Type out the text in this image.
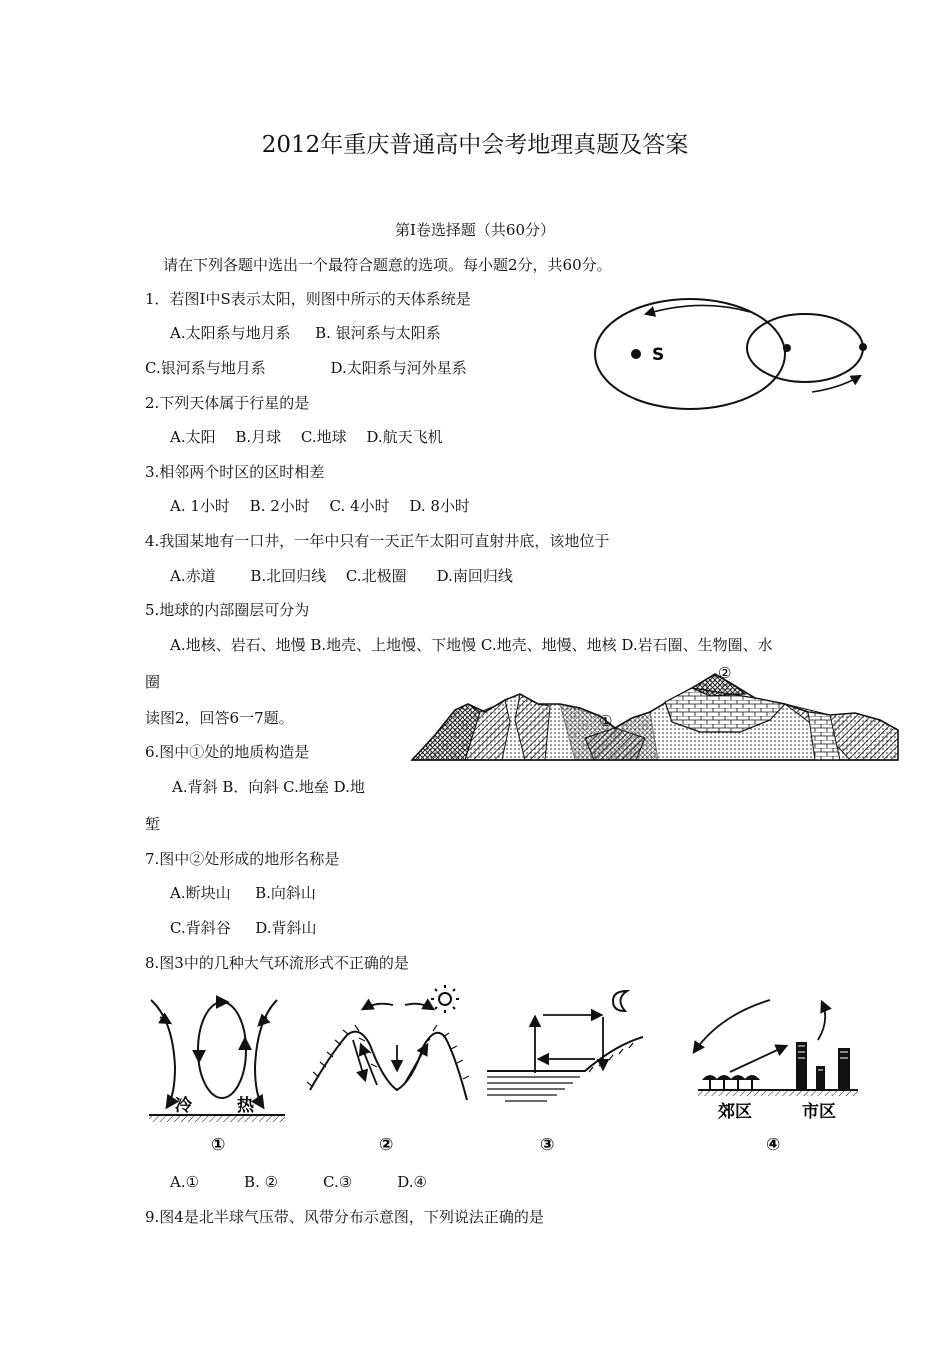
2012年重庆普通高中会考地理真题及答案
第Ⅰ卷选择题（共60分）
请在下列各题中选出一个最符合题意的选项。每小题2分，共60分。
1．若图Ⅰ中S表示太阳，则图中所示的天体系统是
A.太阳系与地月系 　 B. 银河系与太阳系
C.银河系与地月系 　　　　D.太阳系与河外星系
S
2.下列天体属于行星的是
A.太阳　 B.月球　 C.地球　 D.航天飞机
3.相邻两个时区的区时相差
A. 1小时　 B. 2小时　 C. 4小时　 D. 8小时
4.我国某地有一口井，一年中只有一天正午太阳可直射井底，该地位于
A.赤道　　 B.北回归线　 C.北极圈　　D.南回归线
5.地球的内部圈层可分为
A.地核、岩石、地慢 B.地壳、上地慢、下地慢 C.地壳、地慢、地核 D.岩石圈、生物圈、水
圈
①
②
读图2，回答6一7题。
6.图中①处的地质构造是
A.背斜 B．向斜 C.地垒 D.地
堑
7.图中②处形成的地形名称是
A.断块山 　 B.向斜山
C.背斜谷 　 D.背斜山
8.图3中的几种大气环流形式不正确的是
冷	热
①	②	③
郊区	市区
④
A.①　　　B. ②　　　C.③　　　D.④
9.图4是北半球气压带、风带分布示意图，下列说法正确的是
